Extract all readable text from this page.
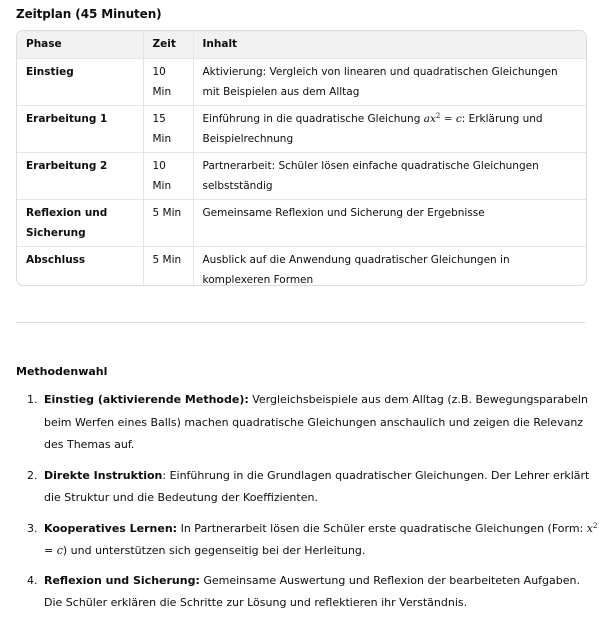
Zeitplan (45 Minuten)
Phase	Zeit	Inhalt
Einstieg	10 Min	Aktivierung: Vergleich von linearen und quadratischen Gleichungen mit Beispielen aus dem Alltag
Erarbeitung 1	15 Min	Einführung in die quadratische Gleichung $ax^2 = c$: Erklärung und Beispielrechnung
Erarbeitung 2	10 Min	Partnerarbeit: Schüler lösen einfache quadratische Gleichungen selbstständig
Reflexion und Sicherung	5 Min	Gemeinsame Reflexion und Sicherung der Ergebnisse
Abschluss	5 Min	Ausblick auf die Anwendung quadratischer Gleichungen in komplexeren Formen
Methodenwahl
1. Einstieg (aktivierende Methode): Vergleichsbeispiele aus dem Alltag (z.B. Bewegungsparabeln beim Werfen eines Balls) machen quadratische Gleichungen anschaulich und zeigen die Relevanz des Themas auf.
2. Direkte Instruktion: Einführung in die Grundlagen quadratischer Gleichungen. Der Lehrer erklärt die Struktur und die Bedeutung der Koeffizienten.
3. Kooperatives Lernen: In Partnerarbeit lösen die Schüler erste quadratische Gleichungen (Form: $x^2 = c$) und unterstützen sich gegenseitig bei der Herleitung.
4. Reflexion und Sicherung: Gemeinsame Auswertung und Reflexion der bearbeiteten Aufgaben. Die Schüler erklären die Schritte zur Lösung und reflektieren ihr Verständnis.
